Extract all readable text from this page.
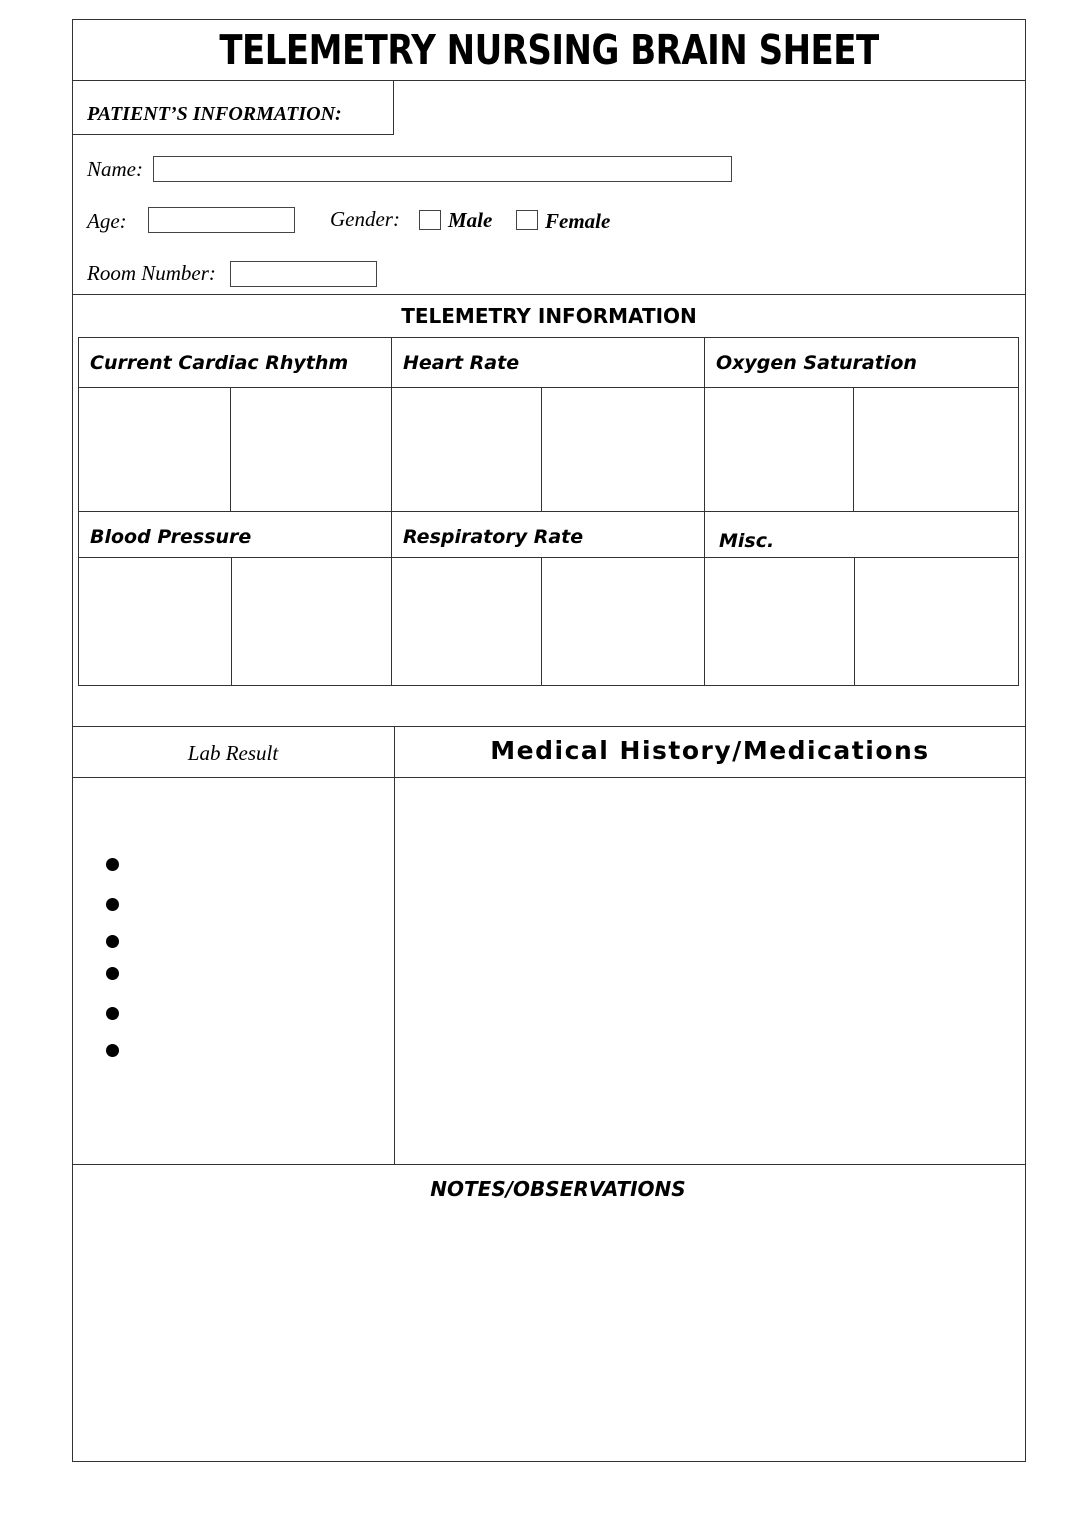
TELEMETRY NURSING BRAIN SHEET
PATIENT’S INFORMATION:
Name:
Age:	Gender: Male	Female
Room Number:
TELEMETRY INFORMATION
Current Cardiac Rhythm	Heart Rate	Oxygen Saturation
Blood Pressure	Respiratory Rate	Misc.
Lab Result	Medical History/Medications
NOTES/OBSERVATIONS
